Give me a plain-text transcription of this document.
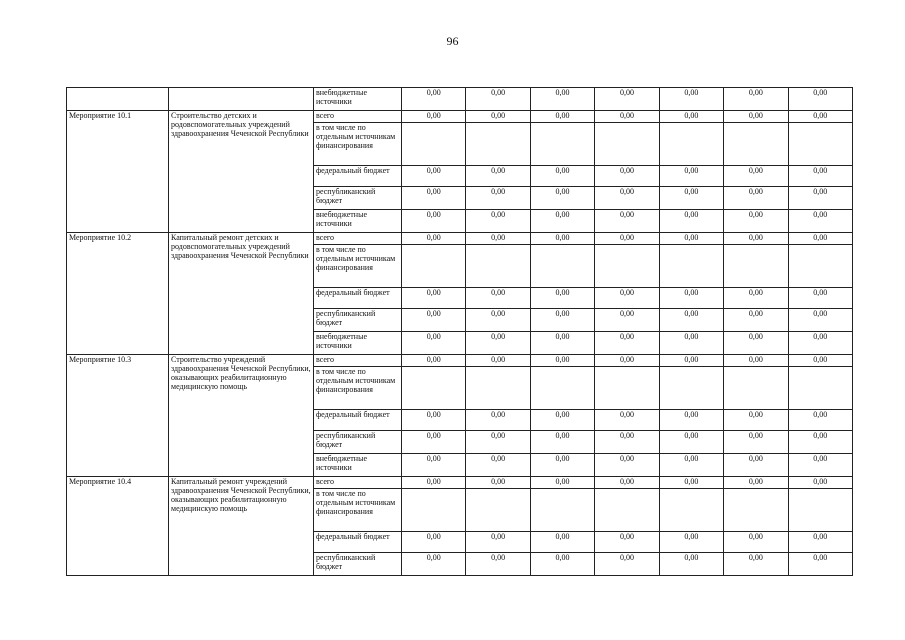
96
		внебюджетные источники	0,00	0,00	0,00	0,00	0,00	0,00	0,00
Мероприятие 10.1	Строительство детских и родовспомогательных учреждений здравоохранения Чеченской Республики	всего	0,00	0,00	0,00	0,00	0,00	0,00	0,00
		в том числе по отдельным источникам финансирования							
		федеральный бюджет	0,00	0,00	0,00	0,00	0,00	0,00	0,00
		республиканский бюджет	0,00	0,00	0,00	0,00	0,00	0,00	0,00
		внебюджетные источники	0,00	0,00	0,00	0,00	0,00	0,00	0,00
Мероприятие 10.2	Капитальный ремонт детских и родовспомогательных учреждений здравоохранения Чеченской Республики	всего	0,00	0,00	0,00	0,00	0,00	0,00	0,00
		в том числе по отдельным источникам финансирования							
		федеральный бюджет	0,00	0,00	0,00	0,00	0,00	0,00	0,00
		республиканский бюджет	0,00	0,00	0,00	0,00	0,00	0,00	0,00
		внебюджетные источники	0,00	0,00	0,00	0,00	0,00	0,00	0,00
Мероприятие 10.3	Строительство учреждений здравоохранения Чеченской Республики, оказывающих реабилитационную медицинскую помощь	всего	0,00	0,00	0,00	0,00	0,00	0,00	0,00
		в том числе по отдельным источникам финансирования							
		федеральный бюджет	0,00	0,00	0,00	0,00	0,00	0,00	0,00
		республиканский бюджет	0,00	0,00	0,00	0,00	0,00	0,00	0,00
		внебюджетные источники	0,00	0,00	0,00	0,00	0,00	0,00	0,00
Мероприятие 10.4	Капитальный ремонт учреждений здравоохранения Чеченской Республики, оказывающих реабилитационную медицинскую помощь	всего	0,00	0,00	0,00	0,00	0,00	0,00	0,00
		в том числе по отдельным источникам финансирования							
		федеральный бюджет	0,00	0,00	0,00	0,00	0,00	0,00	0,00
		республиканский бюджет	0,00	0,00	0,00	0,00	0,00	0,00	0,00
